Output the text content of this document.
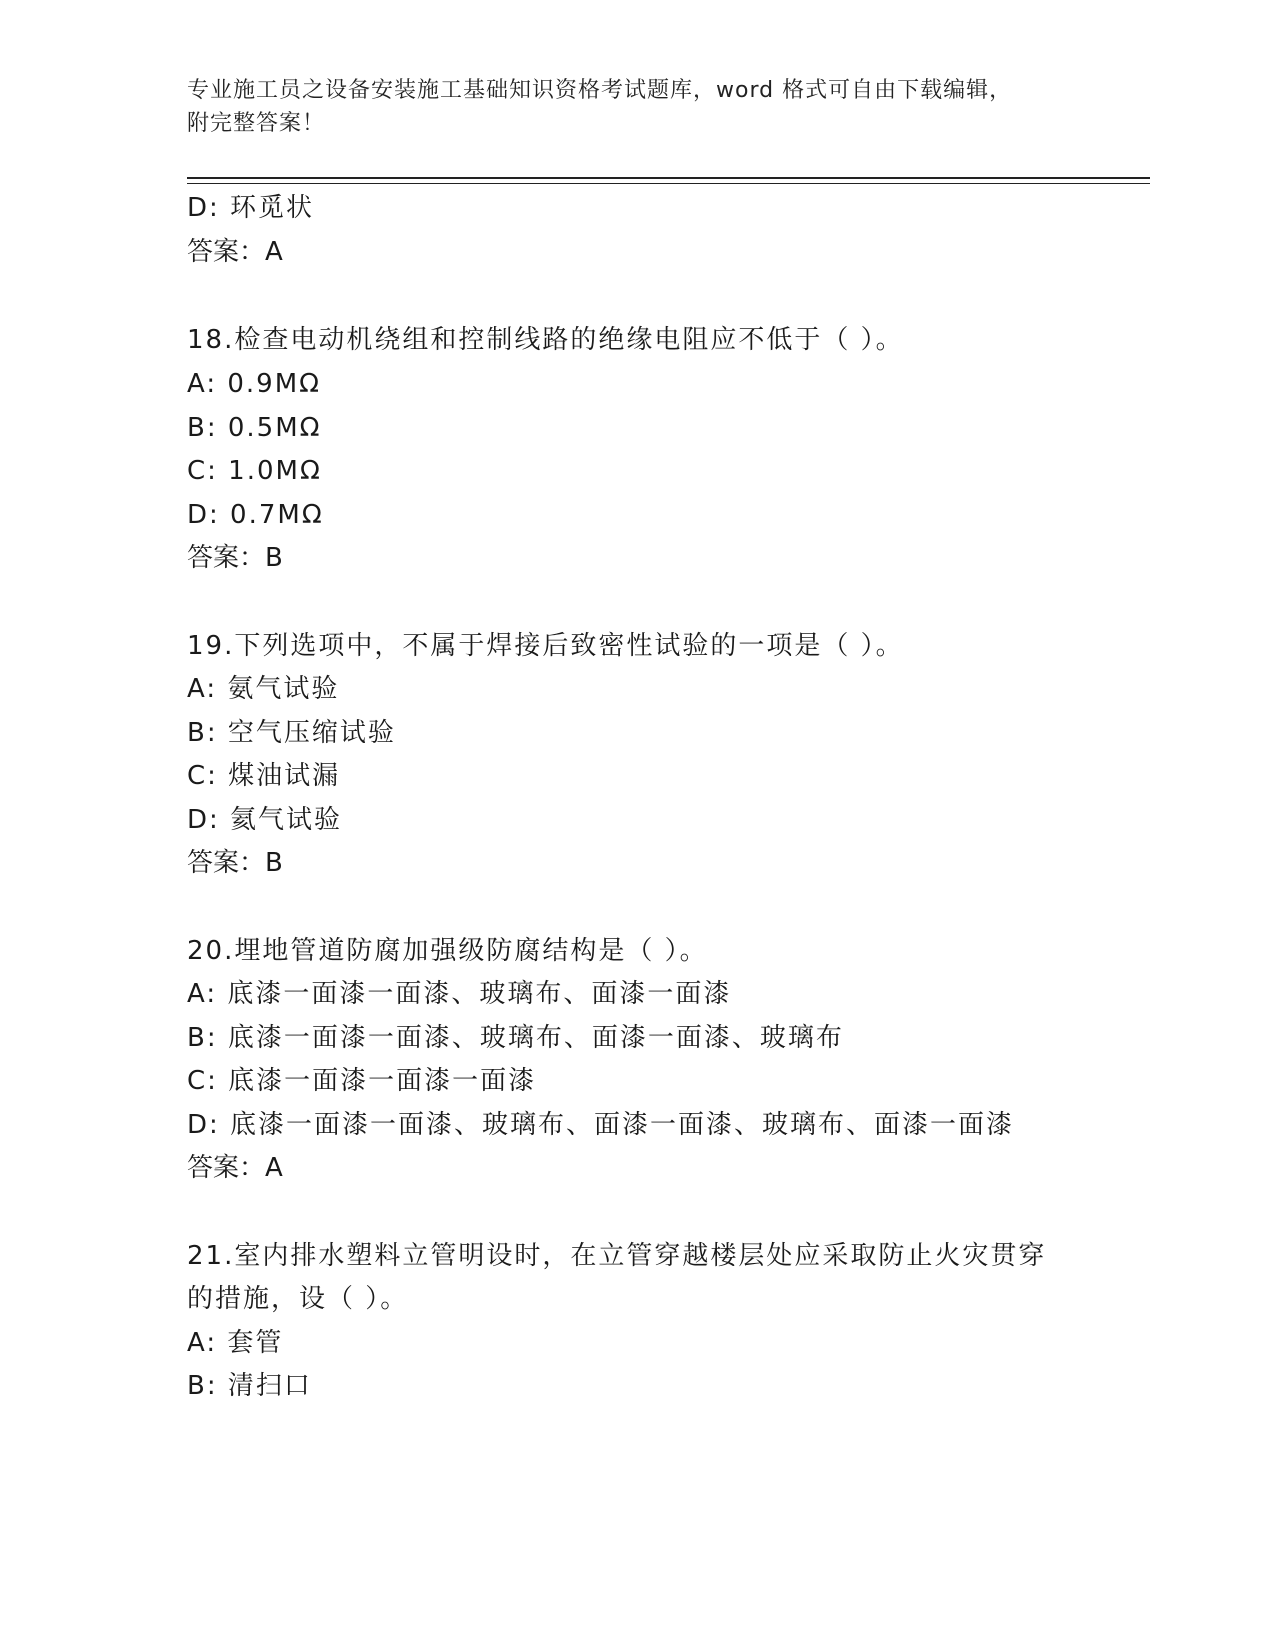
专业施工员之设备安装施工基础知识资格考试题库，word 格式可自由下载编辑，
附完整答案！
D: 环觅状
答案：A
18.检查电动机绕组和控制线路的绝缘电阻应不低于（ ）。
A: 0.9MΩ
B: 0.5MΩ
C: 1.0MΩ
D: 0.7MΩ
答案：B
19.下列选项中，不属于焊接后致密性试验的一项是（ ）。
A: 氨气试验
B: 空气压缩试验
C: 煤油试漏
D: 氦气试验
答案：B
20.埋地管道防腐加强级防腐结构是（ ）。
A: 底漆一面漆一面漆、玻璃布、面漆一面漆
B: 底漆一面漆一面漆、玻璃布、面漆一面漆、玻璃布
C: 底漆一面漆一面漆一面漆
D: 底漆一面漆一面漆、玻璃布、面漆一面漆、玻璃布、面漆一面漆
答案：A
21.室内排水塑料立管明设时，在立管穿越楼层处应采取防止火灾贯穿
的措施，设（ ）。
A: 套管
B: 清扫口
